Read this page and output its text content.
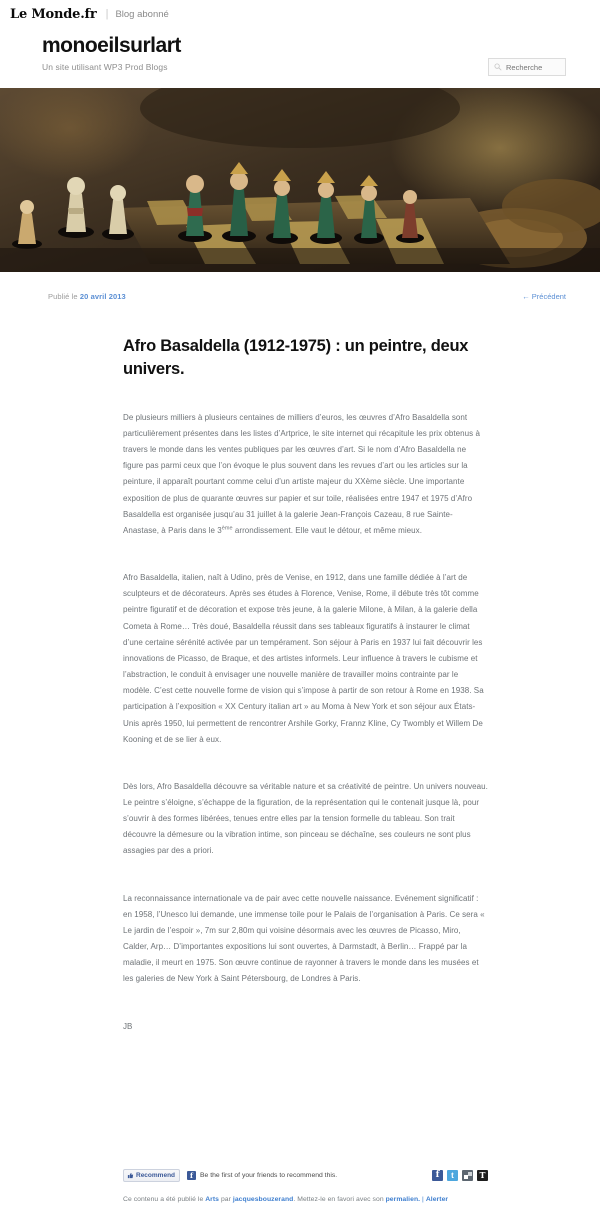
Le Monde.fr | Blog abonné
monoeilsurlart
Un site utilisant WP3 Prod Blogs
Recherche
Publié le 20 avril 2013	← Précédent
Afro Basaldella (1912-1975) : un peintre, deux univers.

De plusieurs milliers à plusieurs centaines de milliers d’euros, les œuvres d’Afro Basaldella sont particulièrement présentes dans les listes d’Artprice, le site internet qui récapitule les prix obtenus à travers le monde dans les ventes publiques par les œuvres d’art. Si le nom d’Afro Basaldella ne figure pas parmi ceux que l’on évoque le plus souvent dans les revues d’art ou les articles sur la peinture, il apparaît pourtant comme celui d’un artiste majeur du XXème siècle. Une importante exposition de plus de quarante œuvres sur papier et sur toile, réalisées entre 1947 et 1975 d’Afro Basaldella est organisée jusqu’au 31 juillet à la galerie Jean-François Cazeau, 8 rue Sainte-Anastase, à Paris dans le 3ème arrondissement. Elle vaut le détour, et même mieux.

Afro Basaldella, italien, naît à Udino, près de Venise, en 1912, dans une famille dédiée à l’art de sculpteurs et de décorateurs. Après ses études à Florence, Venise, Rome, il débute très tôt comme peintre figuratif et de décoration et expose très jeune, à la galerie Milone, à Milan, à la galerie della Cometa à Rome… Très doué, Basaldella réussit dans ses tableaux figuratifs à instaurer le climat d’une certaine sérénité activée par un tempérament. Son séjour à Paris en 1937 lui fait découvrir les innovations de Picasso, de Braque, et des artistes informels. Leur influence à travers le cubisme et l’abstraction, le conduit à envisager une nouvelle manière de travailler moins contrainte par le modèle. C’est cette nouvelle forme de vision qui s’impose à partir de son retour à Rome en 1938. Sa participation à l’exposition « XX Century italian art » au Moma à New York et son séjour aux États-Unis après 1950, lui permettent de rencontrer Arshile Gorky, Frannz Kline, Cy Twombly et Willem De Kooning et de se lier à eux.

Dès lors, Afro Basaldella découvre sa véritable nature et sa créativité de peintre. Un univers nouveau. Le peintre s’éloigne, s’échappe de la figuration, de la représentation qui le contenait jusque là, pour s’ouvrir à des formes libérées, tenues entre elles par la tension formelle du tableau. Son trait découvre la démesure ou la vibration intime, son pinceau se déchaîne, ses couleurs ne sont plus assagies par des a priori.

La reconnaissance internationale va de pair avec cette nouvelle naissance. Evénement significatif : en 1958, l’Unesco lui demande, une immense toile pour le Palais de l’organisation à Paris. Ce sera « Le jardin de l’espoir », 7m sur 2,80m qui voisine désormais avec les œuvres de Picasso, Miro, Calder, Arp… D’importantes expositions lui sont ouvertes, à Darmstadt, à Berlin… Frappé par la maladie, il meurt en 1975. Son œuvre continue de rayonner à travers le monde dans les musées et les galeries de New York à Saint Pétersbourg, de Londres à Paris.

JB

Recommend	f	Be the first of your friends to recommend this.
f
t
T
Ce contenu a été publié le Arts par jacquesbouzerand. Mettez-le en favori avec son permalien. | Alerter
